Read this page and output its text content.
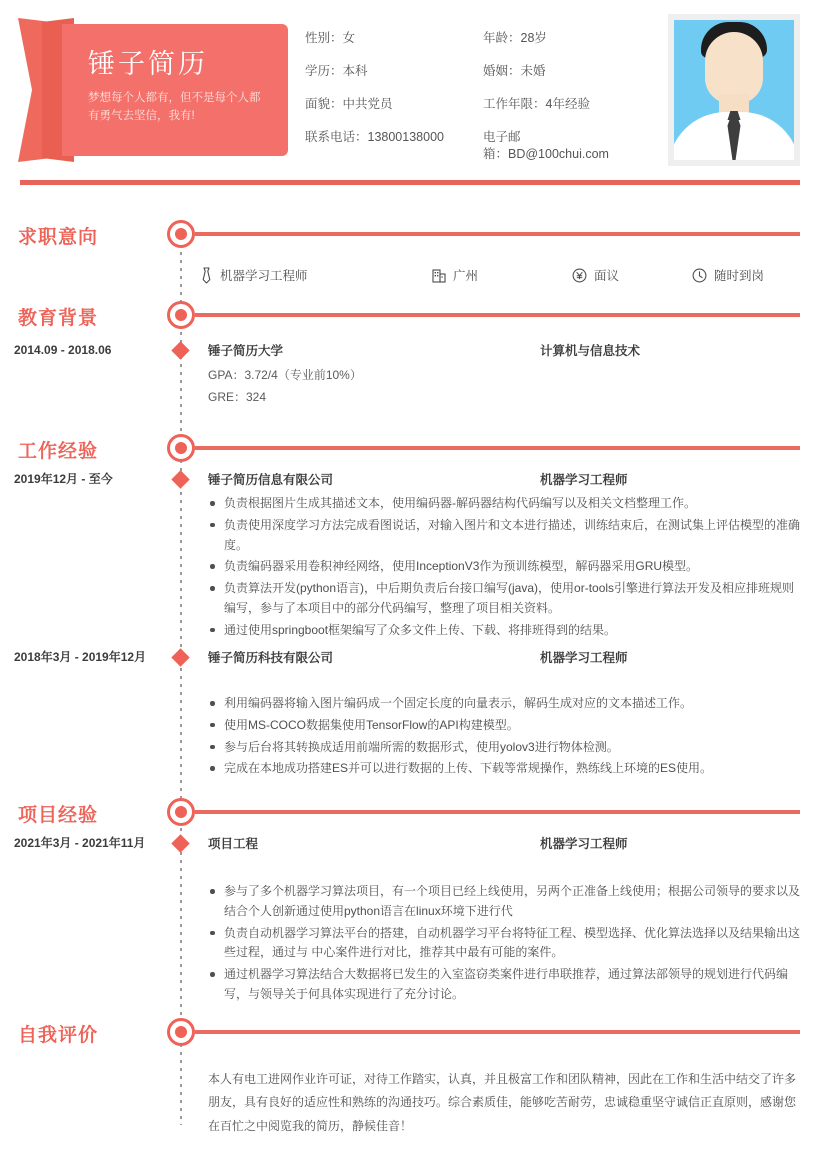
锤子简历
梦想每个人都有，但不是每个人都有勇气去坚信，我有!
性别：女	年龄：28岁
学历：本科	婚姻：未婚
面貌：中共党员	工作年限：4年经验
联系电话：13800138000	电子邮
箱：BD@100chui.com
求职意向
机器学习工程师	广州	面议	随时到岗
教育背景
2014.09 - 2018.06	锤子简历大学	计算机与信息技术
GPA：3.72/4（专业前10%）
GRE：324
工作经验
2019年12月 - 至今	锤子简历信息有限公司	机器学习工程师
负责根据图片生成其描述文本，使用编码器-解码器结构代码编写以及相关文档整理工作。
负责使用深度学习方法完成看图说话，对输入图片和文本进行描述，训练结束后，在测试集上评估模型的准确度。
负责编码器采用卷积神经网络，使用InceptionV3作为预训练模型，解码器采用GRU模型。
负责算法开发(python语言)，中后期负责后台接口编写(java)，使用or-tools引擎进行算法开发及相应排班规则编写，参与了本项目中的部分代码编写，整理了项目相关资料。
通过使用springboot框架编写了众多文件上传、下载、将排班得到的结果。
2018年3月 - 2019年12月	锤子简历科技有限公司	机器学习工程师
利用编码器将输入图片编码成一个固定长度的向量表示，解码生成对应的文本描述工作。
使用MS-COCO数据集使用TensorFlow的API构建模型。
参与后台将其转换成适用前端所需的数据形式，使用yolov3进行物体检测。
完成在本地成功搭建ES并可以进行数据的上传、下载等常规操作，熟练线上环境的ES使用。
项目经验
2021年3月 - 2021年11月	项目工程	机器学习工程师
参与了多个机器学习算法项目，有一个项目已经上线使用，另两个正准备上线使用；根据公司领导的要求以及结合个人创新通过使用python语言在linux环境下进行代
负责自动机器学习算法平台的搭建，自动机器学习平台将特征工程、模型选择、优化算法选择以及结果输出这些过程，通过与 中心案件进行对比，推荐其中最有可能的案件。
通过机器学习算法结合大数据将已发生的入室盗窃类案件进行串联推荐，通过算法部领导的规划进行代码编写，与领导关于何具体实现进行了充分讨论。
自我评价
本人有电工进网作业许可证，对待工作踏实，认真，并且极富工作和团队精神，因此在工作和生活中结交了许多朋友，具有良好的适应性和熟练的沟通技巧。综合素质佳，能够吃苦耐劳，忠诚稳重坚守诚信正直原则，感谢您在百忙之中阅览我的简历，静候佳音！
